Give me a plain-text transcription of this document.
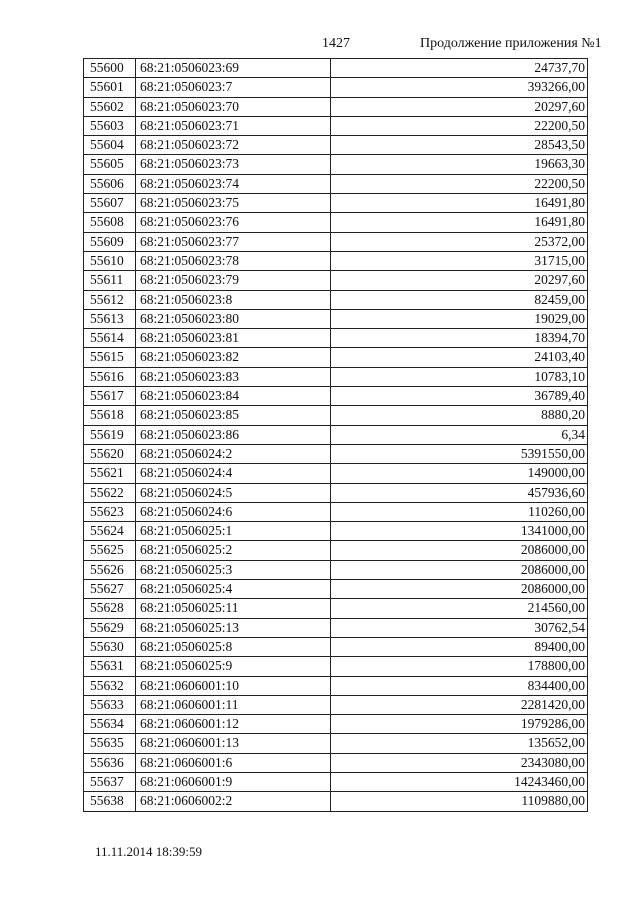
1427	Продолжение приложения №1
55600	68:21:0506023:69	24737,70
55601	68:21:0506023:7	393266,00
55602	68:21:0506023:70	20297,60
55603	68:21:0506023:71	22200,50
55604	68:21:0506023:72	28543,50
55605	68:21:0506023:73	19663,30
55606	68:21:0506023:74	22200,50
55607	68:21:0506023:75	16491,80
55608	68:21:0506023:76	16491,80
55609	68:21:0506023:77	25372,00
55610	68:21:0506023:78	31715,00
55611	68:21:0506023:79	20297,60
55612	68:21:0506023:8	82459,00
55613	68:21:0506023:80	19029,00
55614	68:21:0506023:81	18394,70
55615	68:21:0506023:82	24103,40
55616	68:21:0506023:83	10783,10
55617	68:21:0506023:84	36789,40
55618	68:21:0506023:85	8880,20
55619	68:21:0506023:86	6,34
55620	68:21:0506024:2	5391550,00
55621	68:21:0506024:4	149000,00
55622	68:21:0506024:5	457936,60
55623	68:21:0506024:6	110260,00
55624	68:21:0506025:1	1341000,00
55625	68:21:0506025:2	2086000,00
55626	68:21:0506025:3	2086000,00
55627	68:21:0506025:4	2086000,00
55628	68:21:0506025:11	214560,00
55629	68:21:0506025:13	30762,54
55630	68:21:0506025:8	89400,00
55631	68:21:0506025:9	178800,00
55632	68:21:0606001:10	834400,00
55633	68:21:0606001:11	2281420,00
55634	68:21:0606001:12	1979286,00
55635	68:21:0606001:13	135652,00
55636	68:21:0606001:6	2343080,00
55637	68:21:0606001:9	14243460,00
55638	68:21:0606002:2	1109880,00
11.11.2014 18:39:59
